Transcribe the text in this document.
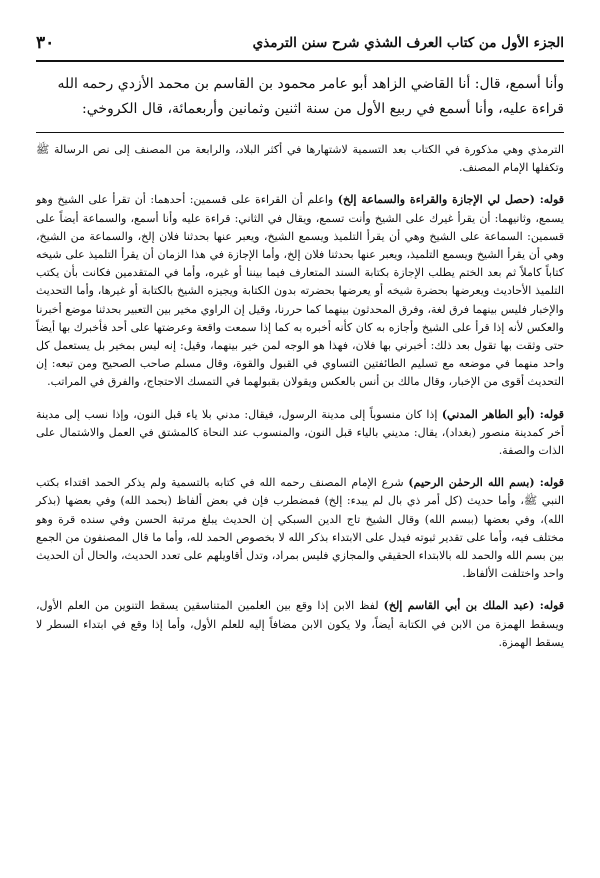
الجزء الأول من كتاب العرف الشذي شرح سنن الترمذي
٣٠

وأنا أسمع، قال: أنا القاضي الزاهد أبو عامر محمود بن القاسم بن محمد الأزدي رحمه الله

قراءة عليه، وأنا أسمع في ربيع الأول من سنة اثنين وثمانين وأربعمائة، قال الكروخي:

الترمذي وهي مذكورة في الكتاب بعد التسمية لاشتهارها في أكثر البلاد، والرابعة من المصنف إلى نص الرسالة ﷺ وتكفلها الإمام المصنف.

قوله: (حصل لي الإجازة والقراءة والسماعة إلخ) واعلم أن القراءة على قسمين: أحدهما: أن تقرأ على الشيخ وهو يسمع، وثانيهما: أن يقرأ غيرك على الشيخ وأنت تسمع، ويقال في الثاني: قراءة عليه وأنا أسمع، والسماعة أيضاً على قسمين: السماعة على الشيخ وهي أن يقرأ التلميذ ويسمع الشيخ، ويعبر عنها بحدثنا فلان إلخ، والسماعة من الشيخ، وهي أن يقرأ الشيخ ويسمع التلميذ، ويعبر عنها بحدثنا فلان إلخ، وأما الإجازة في هذا الزمان أن يقرأ التلميذ على شيخه كتاباً كاملاً ثم بعد الختم يطلب الإجازة بكتابة السند المتعارف فيما بيننا أو غيره، وأما في المتقدمين فكانت بأن يكتب التلميذ الأحاديث ويعرضها بحضرة شيخه أو يعرضها بحضرته بدون الكتابة ويجيزه الشيخ بالكتابة أو غيرها، وأما التحديث والإخبار فليس بينهما فرق لغة، وفرق المحدثون بينهما كما حررنا، وقيل إن الراوي مخير بين التعبير بحدثنا موضع أخبرنا والعكس لأنه إذا قرأ على الشيخ وأجازه به كان كأنه أخبره به كما إذا سمعت واقعة وعرضتها على أحد فأخبرك بها أيضاً حتى وثقت بها تقول بعد ذلك: أخبرني بها فلان، فهذا هو الوجه لمن خير بينهما، وقيل: إنه ليس بمخير بل يستعمل كل واحد منهما في موضعه مع تسليم الطائفتين التساوي في القبول والقوة، وقال مسلم صاحب الصحيح ومن تبعه: إن التحديث أقوى من الإخبار، وقال مالك بن أنس بالعكس ويقولان بقبولهما في التمسك الاحتجاج، والفرق في المراتب.

قوله: (أبو الطاهر المدني) إذا كان منسوباً إلى مدينة الرسول، فيقال: مدني بلا ياء قبل النون، وإذا نسب إلى مدينة أخر كمدينة منصور (بغداد)، يقال: مديني بالياء قبل النون، والمنسوب عند النحاة كالمشتق في العمل والاشتمال على الذات والصفة.

قوله: (بسم الله الرحمٰن الرحيم) شرع الإمام المصنف رحمه الله في كتابه بالتسمية ولم يذكر الحمد اقتداء بكتب النبي ﷺ، وأما حديث (كل أمر ذي بال لم يبدء: إلخ) فمضطرب فإن في بعض ألفاظ (بحمد الله) وفي بعضها (بذكر الله)، وفي بعضها (ببسم الله) وقال الشيخ تاج الدين السبكي إن الحديث يبلغ مرتبة الحسن وفي سنده قرة وهو مختلف فيه، وأما على تقدير ثبوته فيدل على الابتداء بذكر الله لا بخصوص الحمد لله، وأما ما قال المصنفون من الجمع بين بسم الله والحمد لله بالابتداء الحقيقي والمجازي فليس بمراد، وتدل أقاويلهم على تعدد الحديث، والحال أن الحديث واحد واختلفت الألفاظ.

قوله: (عبد الملك بن أبي القاسم إلخ) لفظ الابن إذا وقع بين العلمين المتناسقين يسقط التنوين من العلم الأول، ويسقط الهمزة من الابن في الكتابة أيضاً، ولا يكون الابن مضافاً إليه للعلم الأول، وأما إذا وقع في ابتداء السطر لا يسقط الهمزة.
